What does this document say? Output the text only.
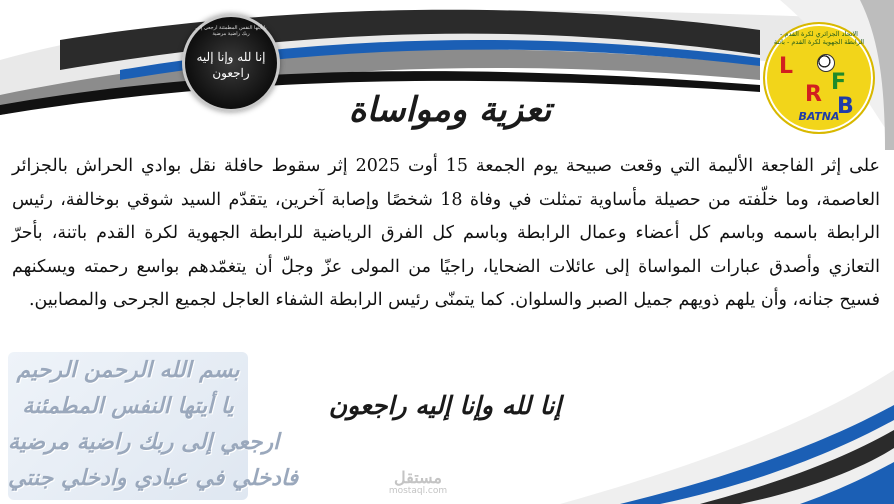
يا أيتها النفس المطمئنة ارجعي إلى ربك راضية مرضية
إنا لله وإنا إليه راجعون
الاتحاد الجزائري لكرة القدم - الرابطة الجهوية لكرة القدم - باتنة
L
R F
B
BATNA
تعزية ومواساة
على إثر الفاجعة الأليمة التي وقعت صبيحة يوم الجمعة 15 أوت 2025 إثر سقوط حافلة نقل بوادي الحراش بالجزائر العاصمة، وما خلّفته من حصيلة مأساوية تمثلت في وفاة 18 شخصًا وإصابة آخرين، يتقدّم السيد شوقي بوخالفة، رئيس الرابطة باسمه وباسم كل أعضاء وعمال الرابطة وباسم كل الفرق الرياضية للرابطة الجهوية لكرة القدم باتنة، بأحرّ التعازي وأصدق عبارات المواساة إلى عائلات الضحايا، راجيًا من المولى عزّ وجلّ أن يتغمّدهم بواسع رحمته ويسكنهم فسيح جنانه، وأن يلهم ذويهم جميل الصبر والسلوان. كما يتمنّى رئيس الرابطة الشفاء العاجل لجميع الجرحى والمصابين.
بسم الله الرحمن الرحيم
يا أيتها النفس المطمئنة
ارجعي إلى ربك راضية مرضية
فادخلي في عبادي وادخلي جنتي
إنا لله وإنا إليه راجعون
مستقل
mostaql.com
